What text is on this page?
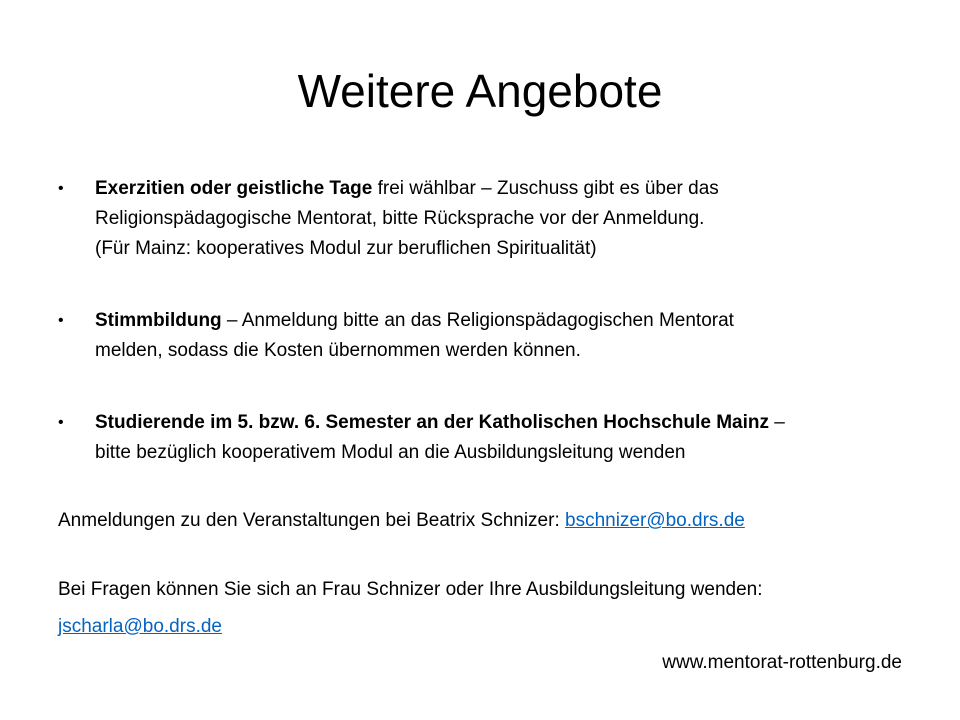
Weitere Angebote
•	Exerzitien oder geistliche Tage frei wählbar – Zuschuss gibt es über das
Religionspädagogische Mentorat, bitte Rücksprache vor der Anmeldung.
(Für Mainz: kooperatives Modul zur beruflichen Spiritualität)
•	Stimmbildung – Anmeldung bitte an das Religionspädagogischen Mentorat
melden, sodass die Kosten übernommen werden können.
•	Studierende im 5. bzw. 6. Semester an der Katholischen Hochschule Mainz –
bitte bezüglich kooperativem Modul an die Ausbildungsleitung wenden
Anmeldungen zu den Veranstaltungen bei Beatrix Schnizer: bschnizer@bo.drs.de
Bei Fragen können Sie sich an Frau Schnizer oder Ihre Ausbildungsleitung wenden:
jscharla@bo.drs.de
www.mentorat-rottenburg.de
